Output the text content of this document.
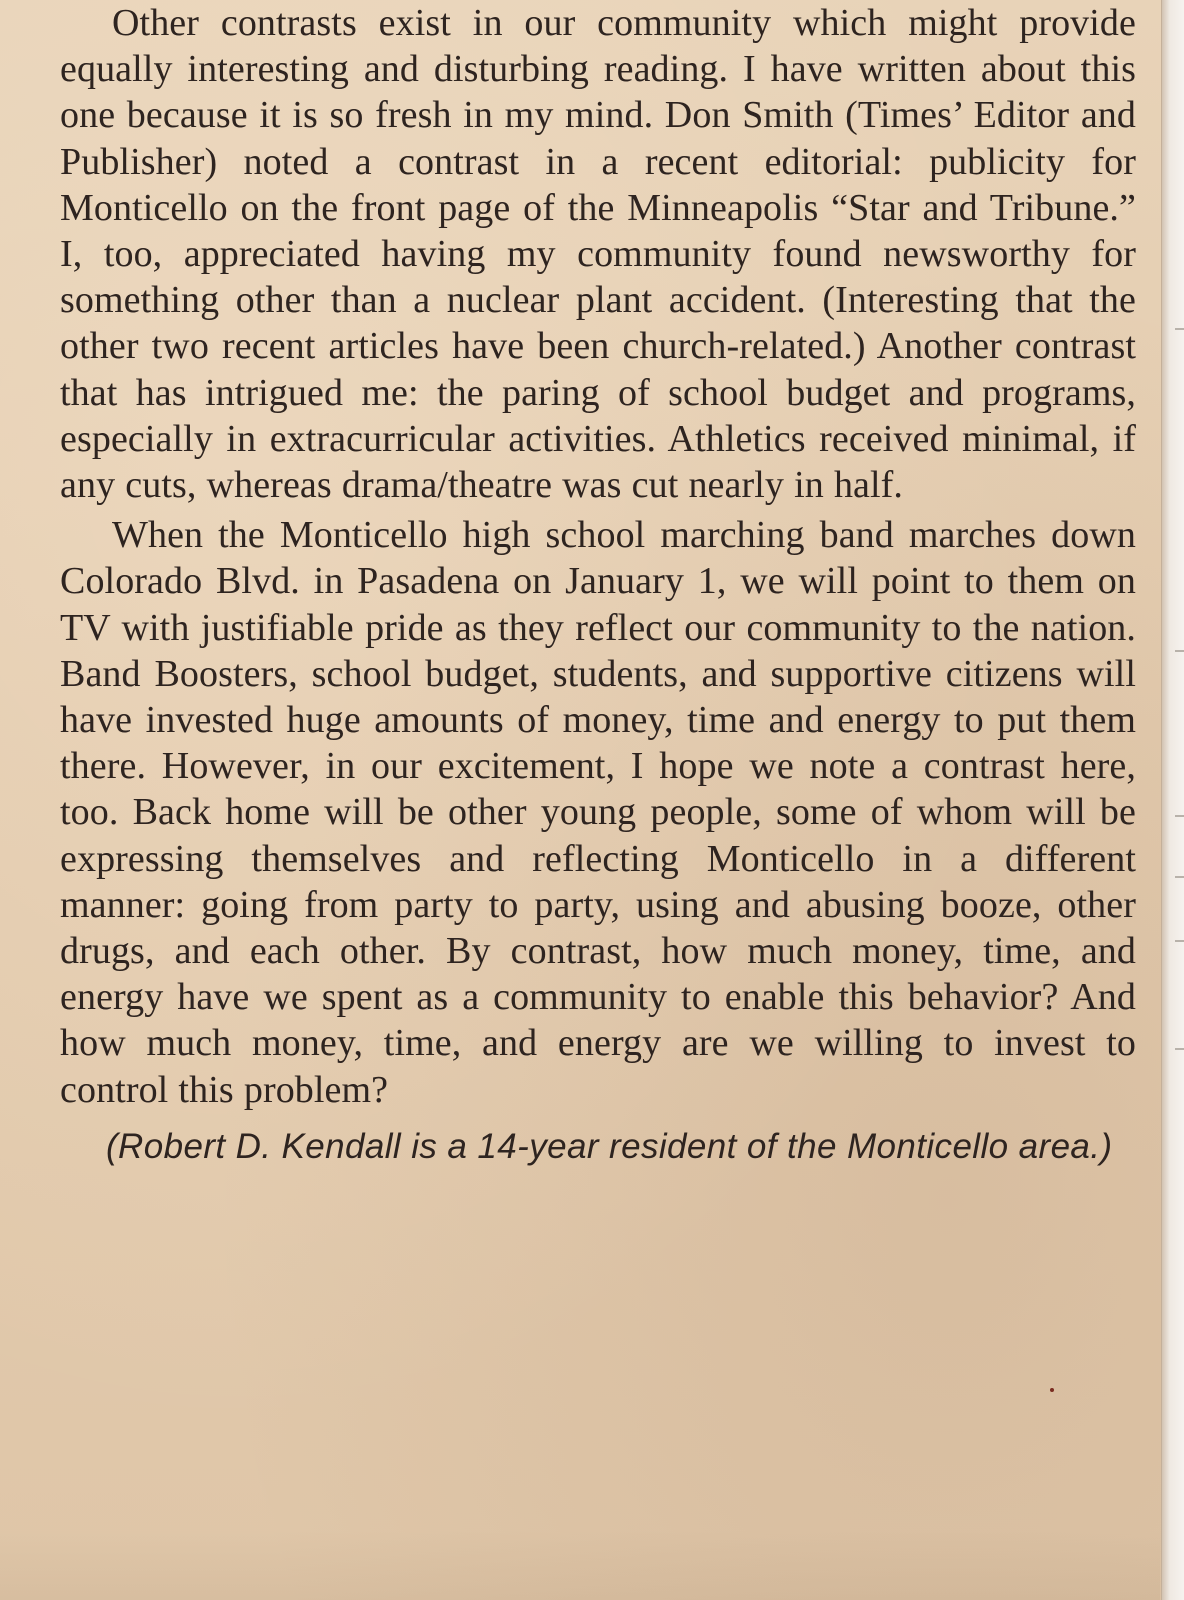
Other contrasts exist in our community which might provide equally interesting and disturbing reading. I have written about this one because it is so fresh in my mind. Don Smith (Times’ Editor and Publisher) noted a contrast in a recent editorial: publicity for Monticello on the front page of the Minneapolis “Star and Tribune.” I, too, appreciated having my community found newsworthy for something other than a nuclear plant accident. (Interesting that the other two recent articles have been church-related.) Another contrast that has intrigued me: the paring of school budget and programs, especially in extracurricular activities. Athletics received minimal, if any cuts, whereas drama/theatre was cut nearly in half.

When the Monticello high school marching band marches down Colorado Blvd. in Pasadena on January 1, we will point to them on TV with justifiable pride as they reflect our community to the nation. Band Boosters, school budget, students, and supportive citizens will have invested huge amounts of money, time and energy to put them there. However, in our excitement, I hope we note a contrast here, too. Back home will be other young people, some of whom will be expressing themselves and reflecting Monticello in a different manner: going from party to party, using and abusing booze, other drugs, and each other. By contrast, how much money, time, and energy have we spent as a community to enable this behavior? And how much money, time, and energy are we willing to invest to control this problem?

(Robert D. Kendall is a 14-year resident of the Monticello area.)
